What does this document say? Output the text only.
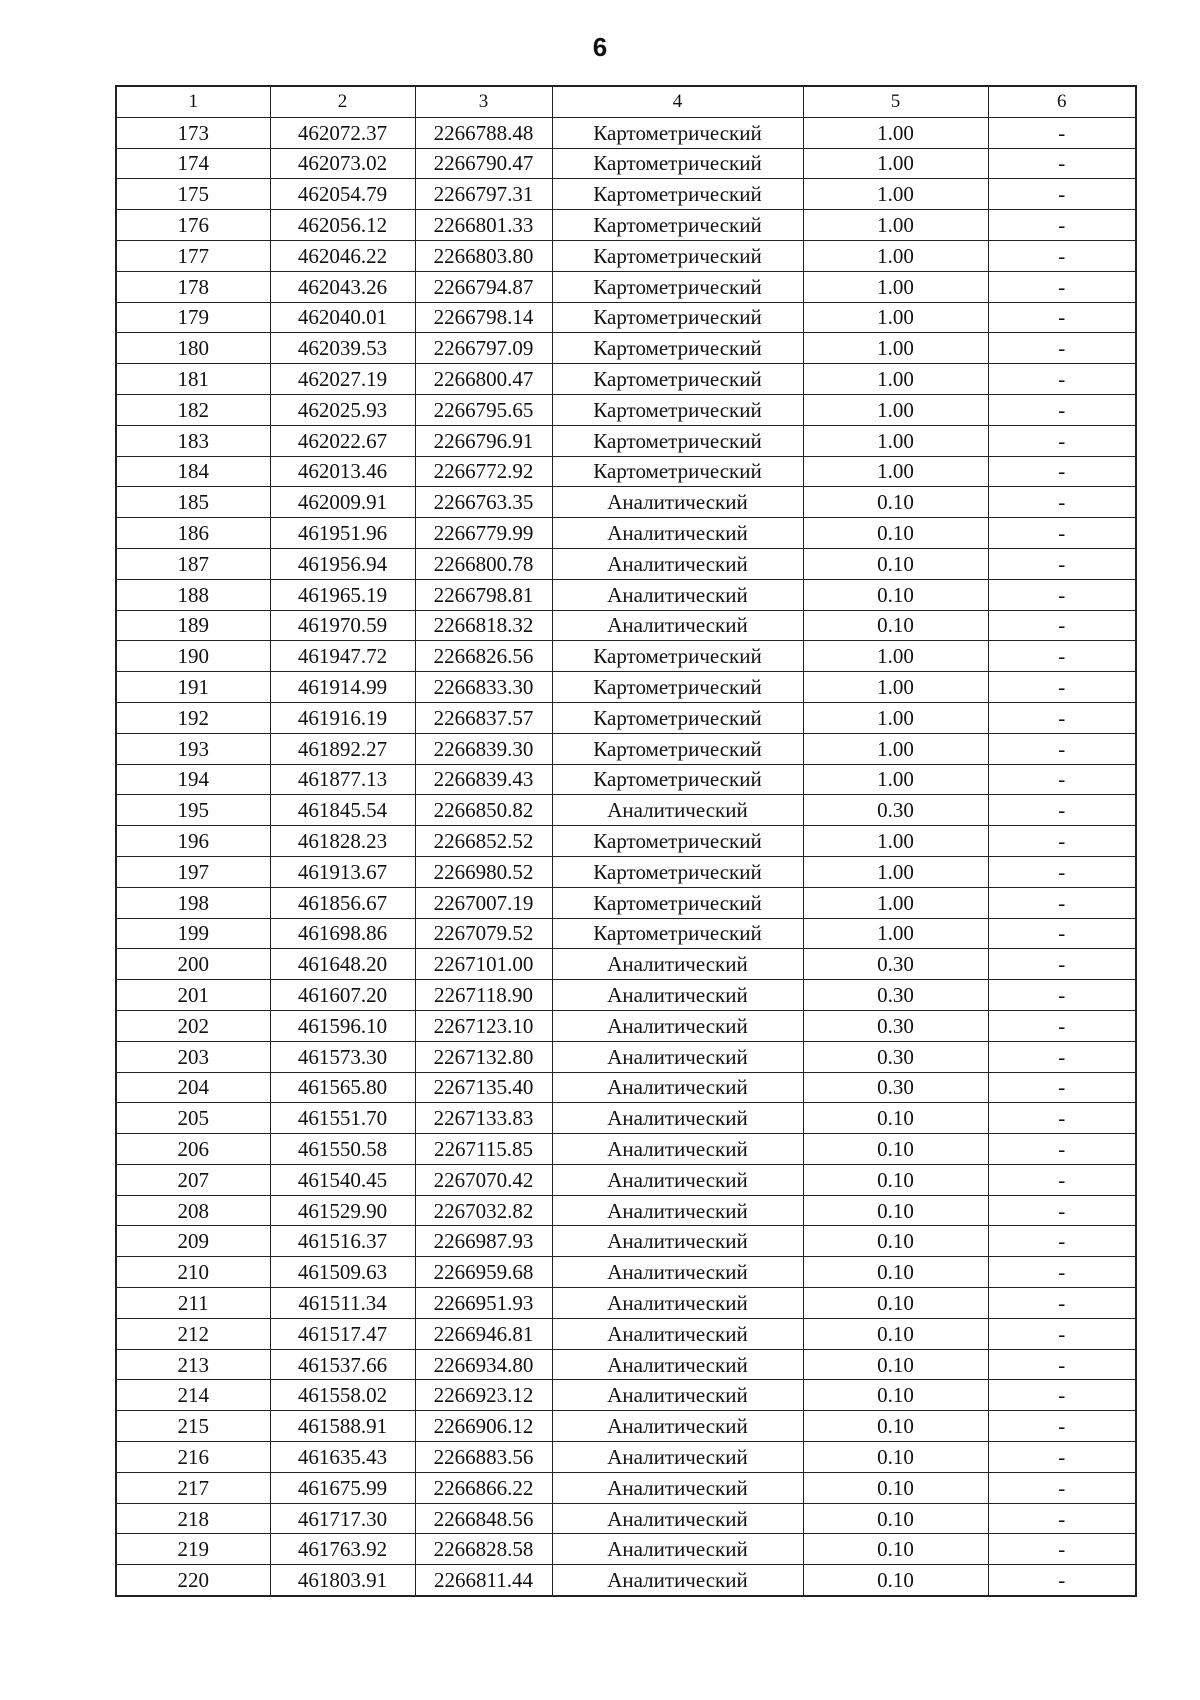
6
1	2	3	4	5	6
173	462072.37	2266788.48	Картометрический	1.00	-
174	462073.02	2266790.47	Картометрический	1.00	-
175	462054.79	2266797.31	Картометрический	1.00	-
176	462056.12	2266801.33	Картометрический	1.00	-
177	462046.22	2266803.80	Картометрический	1.00	-
178	462043.26	2266794.87	Картометрический	1.00	-
179	462040.01	2266798.14	Картометрический	1.00	-
180	462039.53	2266797.09	Картометрический	1.00	-
181	462027.19	2266800.47	Картометрический	1.00	-
182	462025.93	2266795.65	Картометрический	1.00	-
183	462022.67	2266796.91	Картометрический	1.00	-
184	462013.46	2266772.92	Картометрический	1.00	-
185	462009.91	2266763.35	Аналитический	0.10	-
186	461951.96	2266779.99	Аналитический	0.10	-
187	461956.94	2266800.78	Аналитический	0.10	-
188	461965.19	2266798.81	Аналитический	0.10	-
189	461970.59	2266818.32	Аналитический	0.10	-
190	461947.72	2266826.56	Картометрический	1.00	-
191	461914.99	2266833.30	Картометрический	1.00	-
192	461916.19	2266837.57	Картометрический	1.00	-
193	461892.27	2266839.30	Картометрический	1.00	-
194	461877.13	2266839.43	Картометрический	1.00	-
195	461845.54	2266850.82	Аналитический	0.30	-
196	461828.23	2266852.52	Картометрический	1.00	-
197	461913.67	2266980.52	Картометрический	1.00	-
198	461856.67	2267007.19	Картометрический	1.00	-
199	461698.86	2267079.52	Картометрический	1.00	-
200	461648.20	2267101.00	Аналитический	0.30	-
201	461607.20	2267118.90	Аналитический	0.30	-
202	461596.10	2267123.10	Аналитический	0.30	-
203	461573.30	2267132.80	Аналитический	0.30	-
204	461565.80	2267135.40	Аналитический	0.30	-
205	461551.70	2267133.83	Аналитический	0.10	-
206	461550.58	2267115.85	Аналитический	0.10	-
207	461540.45	2267070.42	Аналитический	0.10	-
208	461529.90	2267032.82	Аналитический	0.10	-
209	461516.37	2266987.93	Аналитический	0.10	-
210	461509.63	2266959.68	Аналитический	0.10	-
211	461511.34	2266951.93	Аналитический	0.10	-
212	461517.47	2266946.81	Аналитический	0.10	-
213	461537.66	2266934.80	Аналитический	0.10	-
214	461558.02	2266923.12	Аналитический	0.10	-
215	461588.91	2266906.12	Аналитический	0.10	-
216	461635.43	2266883.56	Аналитический	0.10	-
217	461675.99	2266866.22	Аналитический	0.10	-
218	461717.30	2266848.56	Аналитический	0.10	-
219	461763.92	2266828.58	Аналитический	0.10	-
220	461803.91	2266811.44	Аналитический	0.10	-
